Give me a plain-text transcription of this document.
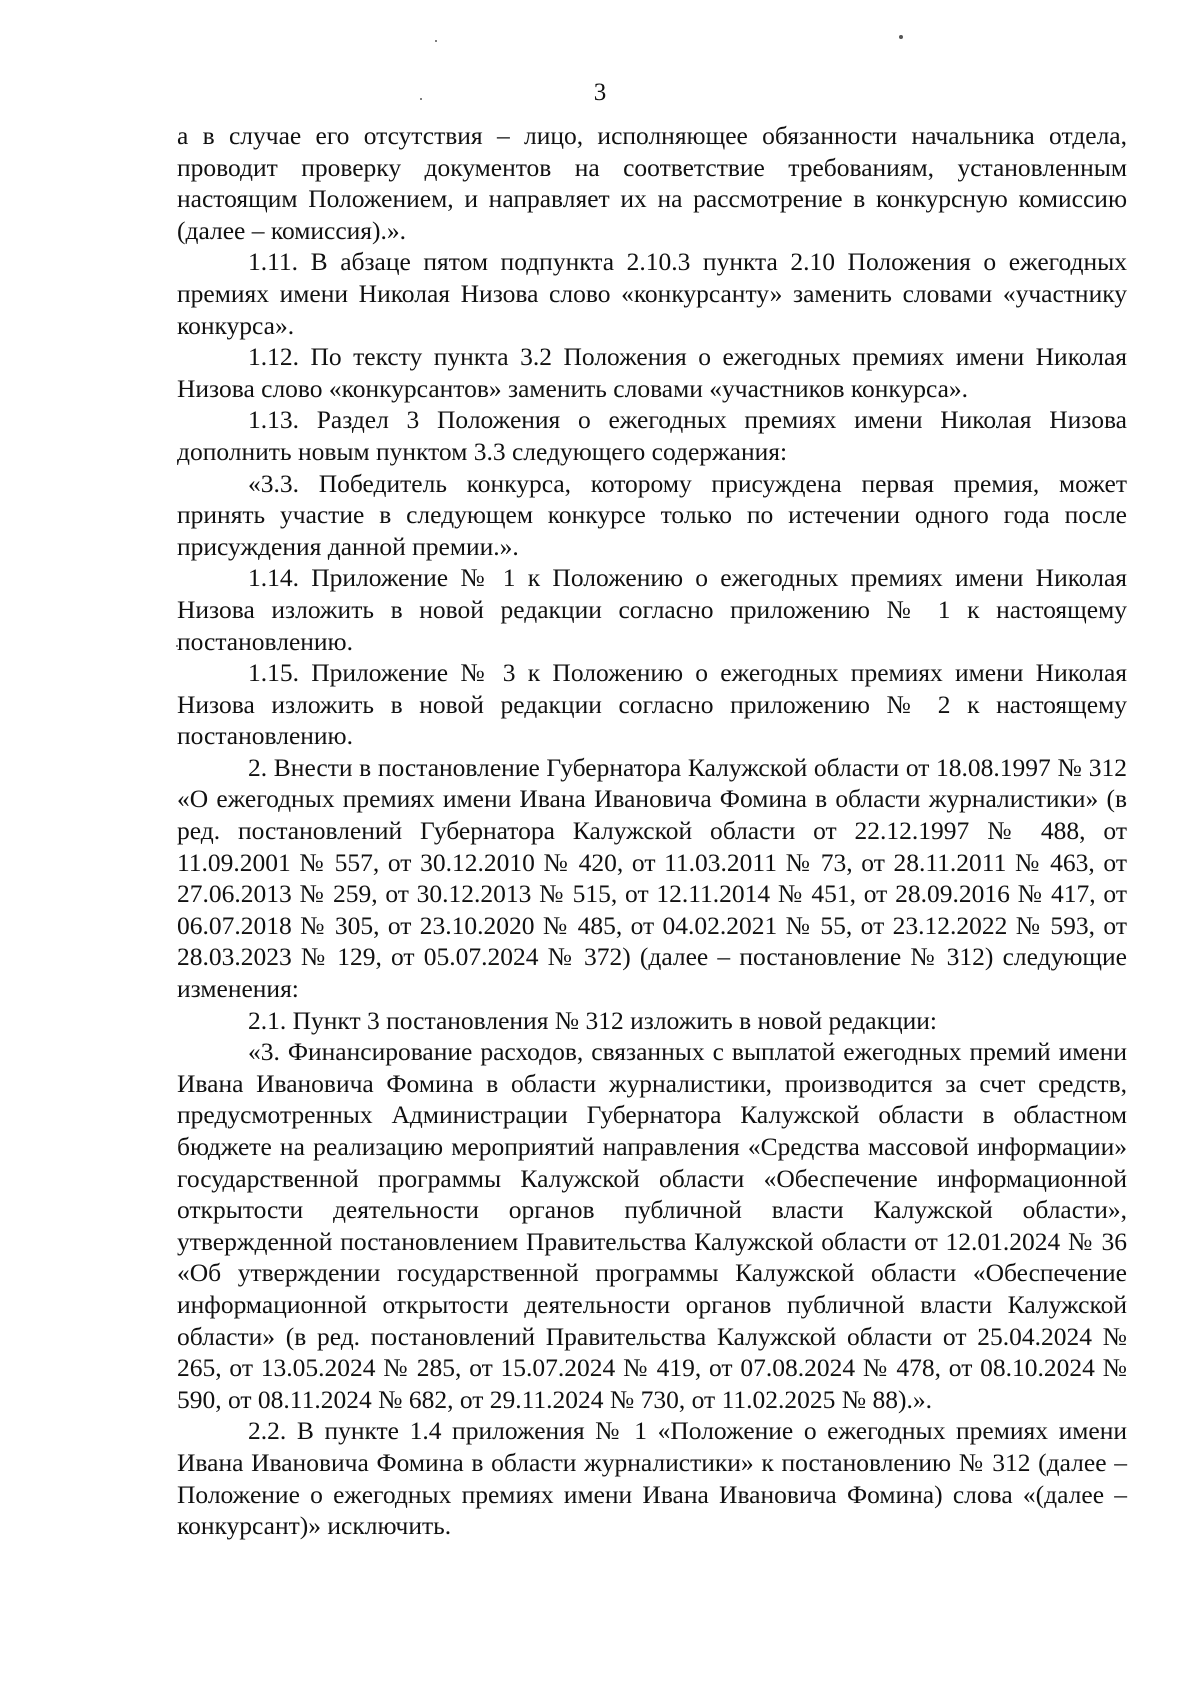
3

а в случае его отсутствия – лицо, исполняющее обязанности начальника отдела, проводит проверку документов на соответствие требованиям, установленным настоящим Положением, и направляет их на рассмотрение в конкурсную комиссию (далее – комиссия).».

1.11. В абзаце пятом подпункта 2.10.3 пункта 2.10 Положения о ежегодных премиях имени Николая Низова слово «конкурсанту» заменить словами «участнику конкурса».

1.12. По тексту пункта 3.2 Положения о ежегодных премиях имени Николая Низова слово «конкурсантов» заменить словами «участников конкурса».

1.13. Раздел 3 Положения о ежегодных премиях имени Николая Низова дополнить новым пунктом 3.3 следующего содержания:

«3.3. Победитель конкурса, которому присуждена первая премия, может принять участие в следующем конкурсе только по истечении одного года после присуждения данной премии.».

1.14. Приложение № 1 к Положению о ежегодных премиях имени Николая Низова изложить в новой редакции согласно приложению № 1 к настоящему постановлению.

1.15. Приложение № 3 к Положению о ежегодных премиях имени Николая Низова изложить в новой редакции согласно приложению № 2 к настоящему постановлению.

2. Внести в постановление Губернатора Калужской области от 18.08.1997 № 312 «О ежегодных премиях имени Ивана Ивановича Фомина в области журналистики» (в ред. постановлений Губернатора Калужской области от 22.12.1997 № 488, от 11.09.2001 № 557, от 30.12.2010 № 420, от 11.03.2011 № 73, от 28.11.2011 № 463, от 27.06.2013 № 259, от 30.12.2013 № 515, от 12.11.2014 № 451, от 28.09.2016 № 417, от 06.07.2018 № 305, от 23.10.2020 № 485, от 04.02.2021 № 55, от 23.12.2022 № 593, от 28.03.2023 № 129, от 05.07.2024 № 372) (далее – постановление № 312) следующие изменения:

2.1. Пункт 3 постановления № 312 изложить в новой редакции:

«3. Финансирование расходов, связанных с выплатой ежегодных премий имени Ивана Ивановича Фомина в области журналистики, производится за счет средств, предусмотренных Администрации Губернатора Калужской области в областном бюджете на реализацию мероприятий направления «Средства массовой информации» государственной программы Калужской области «Обеспечение информационной открытости деятельности органов публичной власти Калужской области», утвержденной постановлением Правительства Калужской области от 12.01.2024 № 36 «Об утверждении государственной программы Калужской области «Обеспечение информационной открытости деятельности органов публичной власти Калужской области» (в ред. постановлений Правительства Калужской области от 25.04.2024 № 265, от 13.05.2024 № 285, от 15.07.2024 № 419, от 07.08.2024 № 478, от 08.10.2024 № 590, от 08.11.2024 № 682, от 29.11.2024 № 730, от 11.02.2025 № 88).».

2.2. В пункте 1.4 приложения № 1 «Положение о ежегодных премиях имени Ивана Ивановича Фомина в области журналистики» к постановлению № 312 (далее – Положение о ежегодных премиях имени Ивана Ивановича Фомина) слова «(далее – конкурсант)» исключить.
